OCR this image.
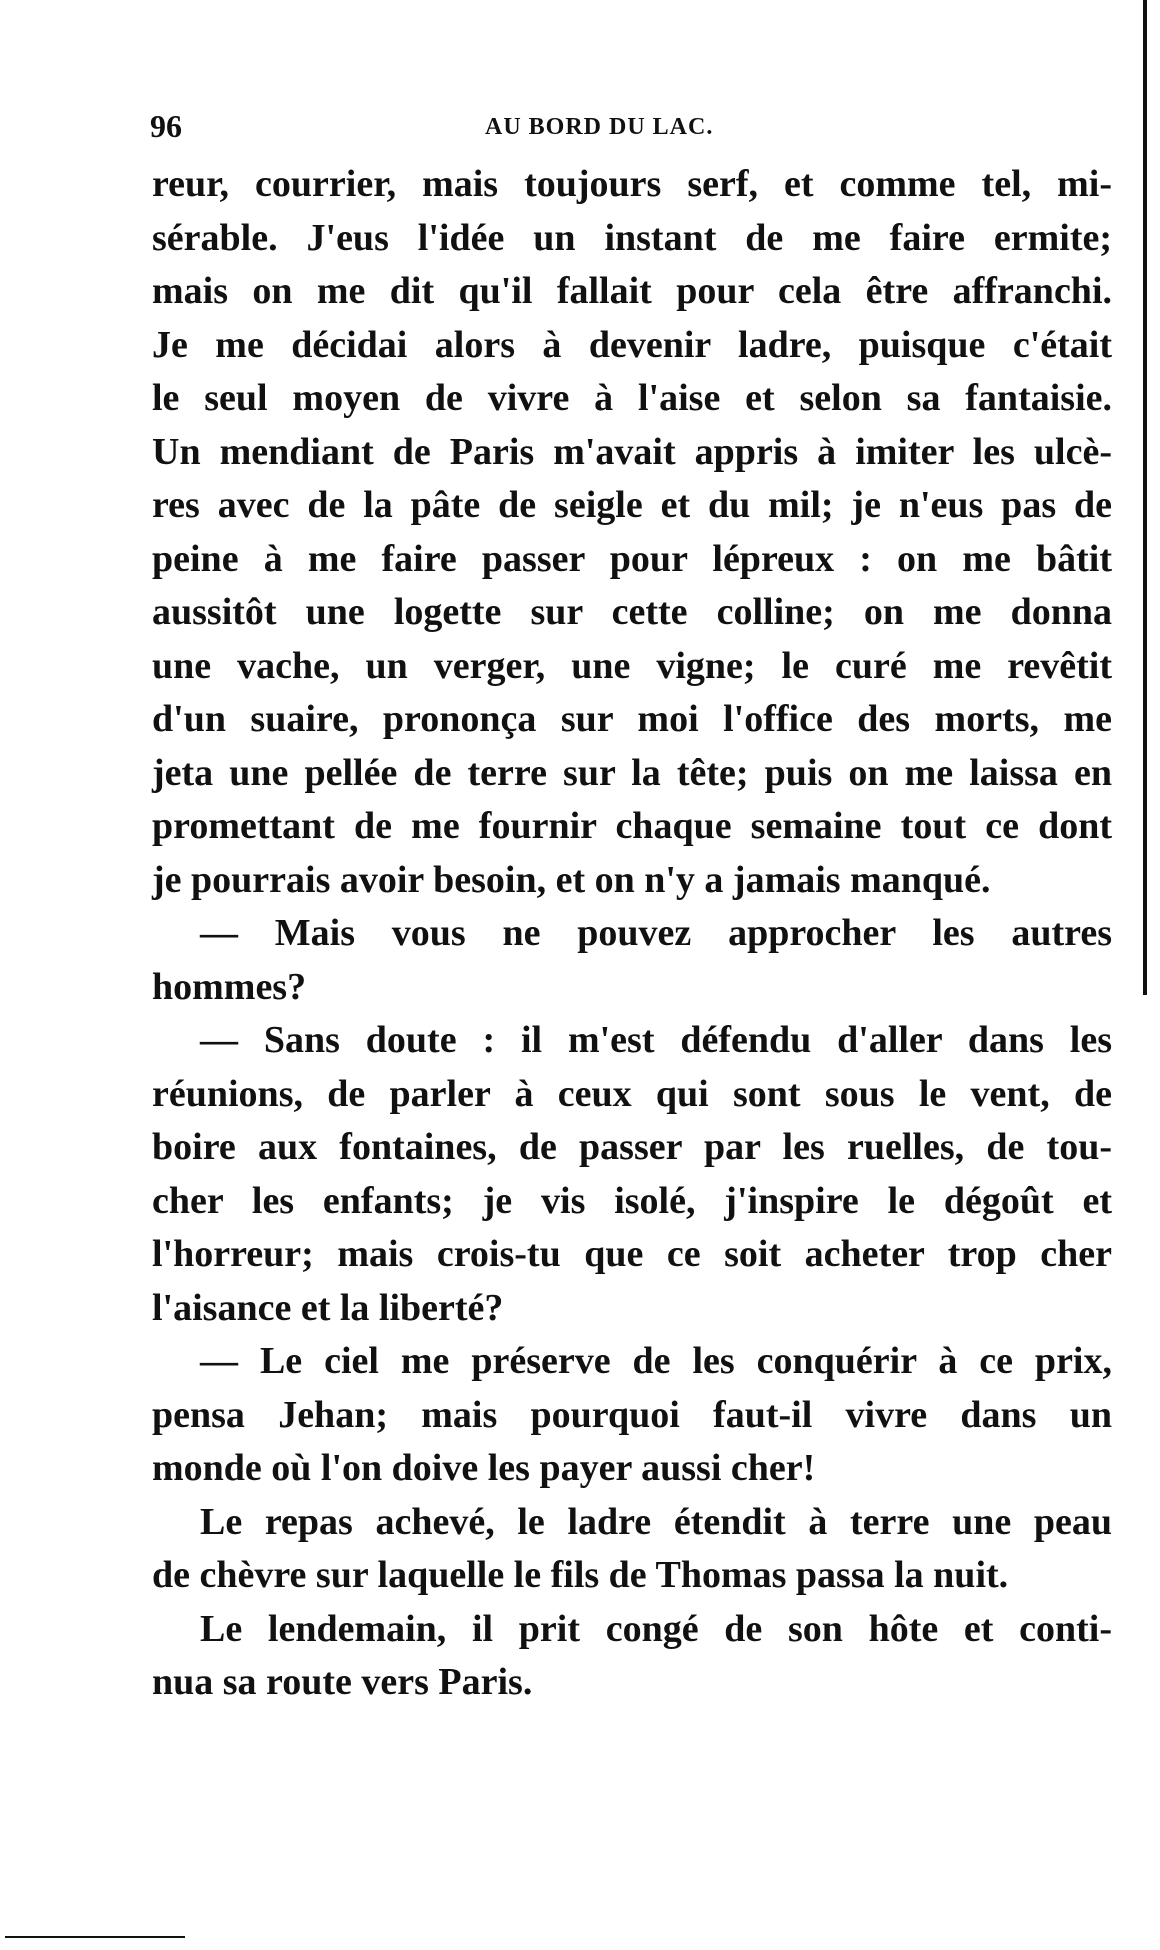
96	AU BORD DU LAC.
reur, courrier, mais toujours serf, et comme tel, mi-
sérable. J'eus l'idée un instant de me faire ermite;
mais on me dit qu'il fallait pour cela être affranchi.
Je me décidai alors à devenir ladre, puisque c'était
le seul moyen de vivre à l'aise et selon sa fantaisie.
Un mendiant de Paris m'avait appris à imiter les ulcè-
res avec de la pâte de seigle et du mil; je n'eus pas de
peine à me faire passer pour lépreux : on me bâtit
aussitôt une logette sur cette colline; on me donna
une vache, un verger, une vigne; le curé me revêtit
d'un suaire, prononça sur moi l'office des morts, me
jeta une pellée de terre sur la tête; puis on me laissa en
promettant de me fournir chaque semaine tout ce dont
je pourrais avoir besoin, et on n'y a jamais manqué.
— Mais vous ne pouvez approcher les autres
hommes?
— Sans doute : il m'est défendu d'aller dans les
réunions, de parler à ceux qui sont sous le vent, de
boire aux fontaines, de passer par les ruelles, de tou-
cher les enfants; je vis isolé, j'inspire le dégoût et
l'horreur; mais crois-tu que ce soit acheter trop cher
l'aisance et la liberté?
— Le ciel me préserve de les conquérir à ce prix,
pensa Jehan; mais pourquoi faut-il vivre dans un
monde où l'on doive les payer aussi cher!
Le repas achevé, le ladre étendit à terre une peau
de chèvre sur laquelle le fils de Thomas passa la nuit.
Le lendemain, il prit congé de son hôte et conti-
nua sa route vers Paris.
